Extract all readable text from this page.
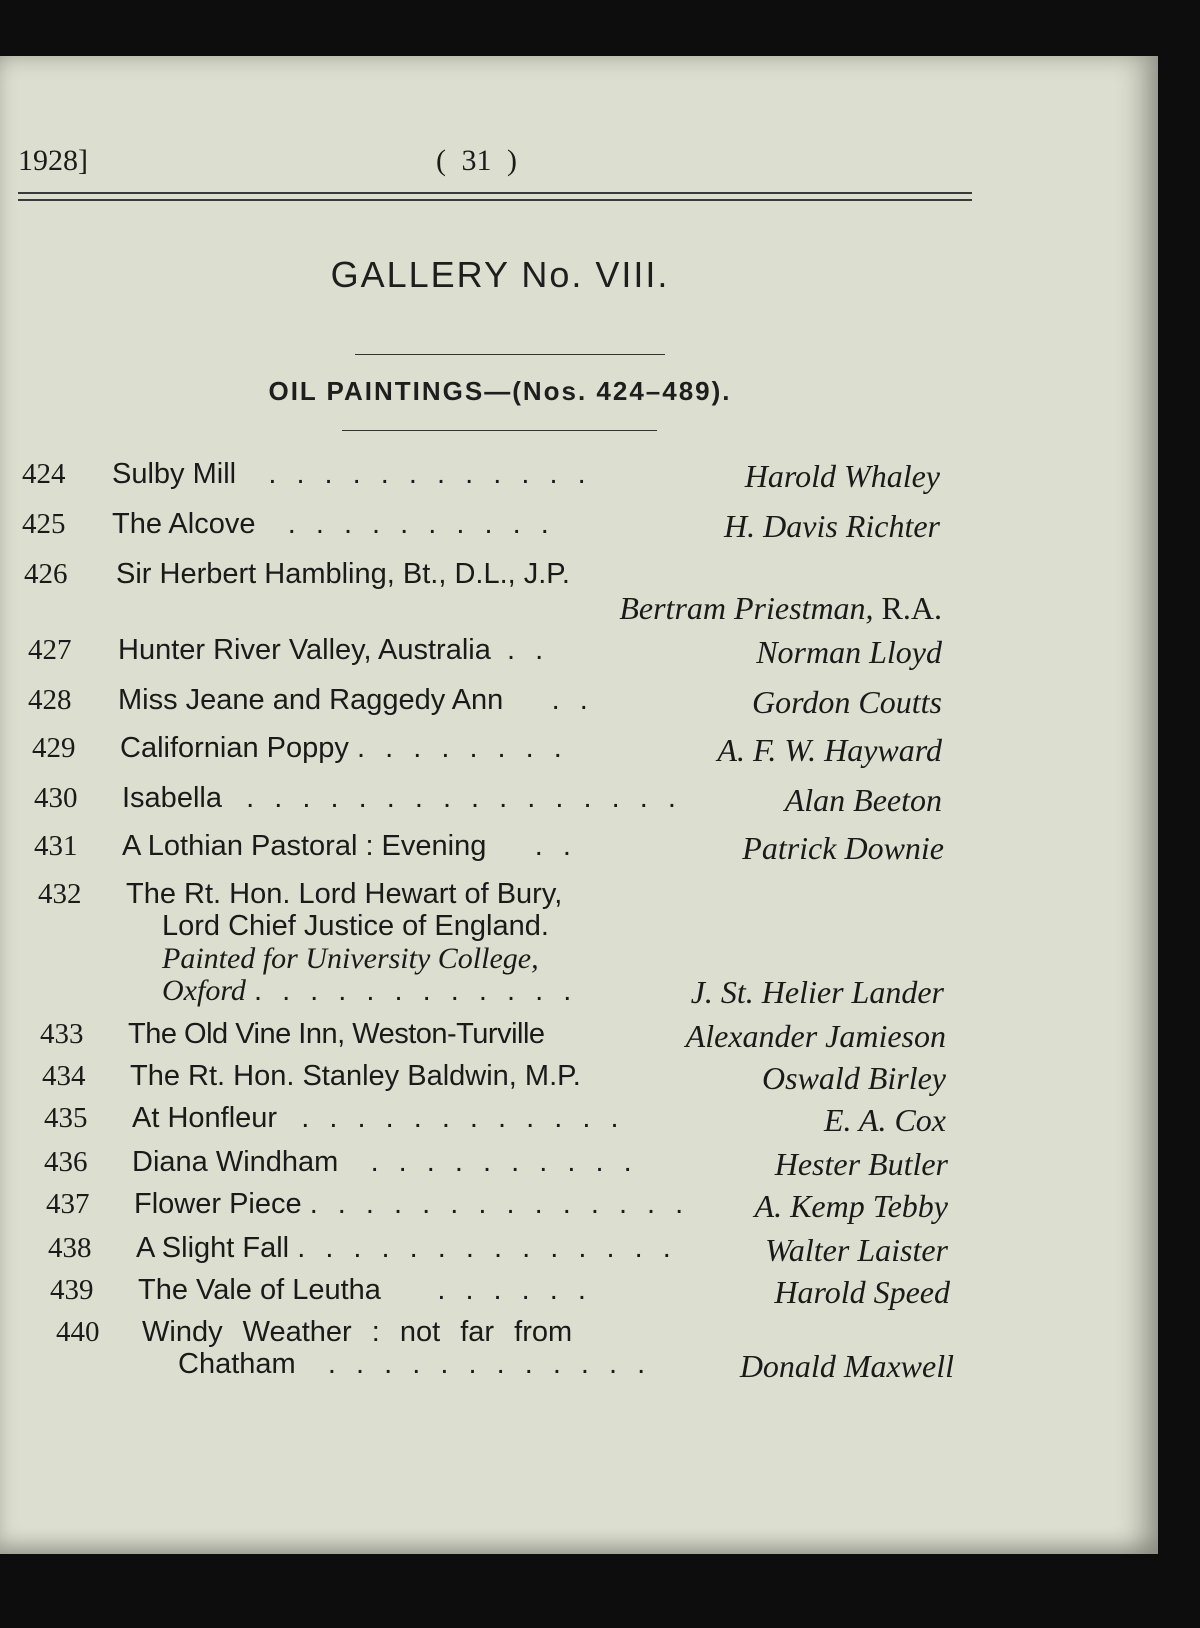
1928]	( 31 )
GALLERY No. VIII.
OIL PAINTINGS—(Nos. 424–489).
424 Sulby Mill . . . . . . . . . . . .	Harold Whaley
425 The Alcove . . . . . . . . . .	H. Davis Richter
426 Sir Herbert Hambling, Bt., D.L., J.P.
Bertram Priestman, R.A.
427 Hunter River Valley, Australia . .	Norman Lloyd
428 Miss Jeane and Raggedy Ann . .	Gordon Coutts
429 Californian Poppy . . . . . . . .	A. F. W. Hayward
430 Isabella . . . . . . . . . . . . . . . .	Alan Beeton
431 A Lothian Pastoral : Evening . .	Patrick Downie
432 The Rt. Hon. Lord Hewart of Bury,
Lord Chief Justice of England.
Painted for University College,
Oxford . . . . . . . . . . . .	J. St. Helier Lander
433 The Old Vine Inn, Weston-Turville	Alexander Jamieson
434 The Rt. Hon. Stanley Baldwin, M.P.	Oswald Birley
435 At Honfleur . . . . . . . . . . . .	E. A. Cox
436 Diana Windham . . . . . . . . . .	Hester Butler
437 Flower Piece . . . . . . . . . . . . . . A. Kemp Tebby
438 A Slight Fall . . . . . . . . . . . . . .	Walter Laister
439 The Vale of Leutha . . . . . .	Harold Speed
440 Windy Weather : not far from
Chatham . . . . . . . . . . . .	Donald Maxwell
